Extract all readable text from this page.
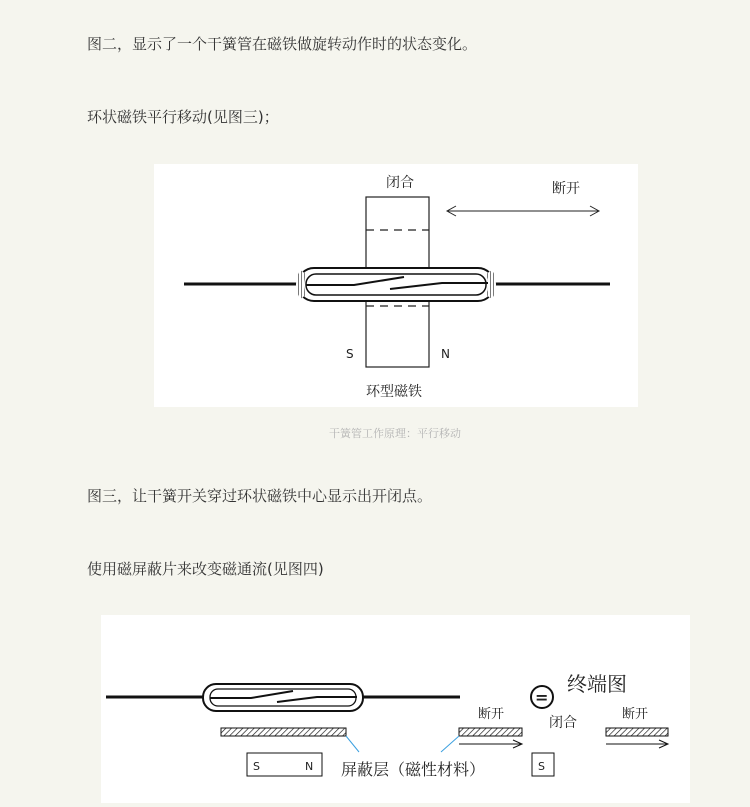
图二，显示了一个干簧管在磁铁做旋转动作时的状态变化。
环状磁铁平行移动(见图三)；
闭合	断开
S	N
环型磁铁
干簧管工作原理：平行移动
图三，让干簧开关穿过环状磁铁中心显示出开闭点。
使用磁屏蔽片来改变磁通流(见图四)
=
终端图
断开
闭合
断开
S	N	S
屏蔽层（磁性材料）
